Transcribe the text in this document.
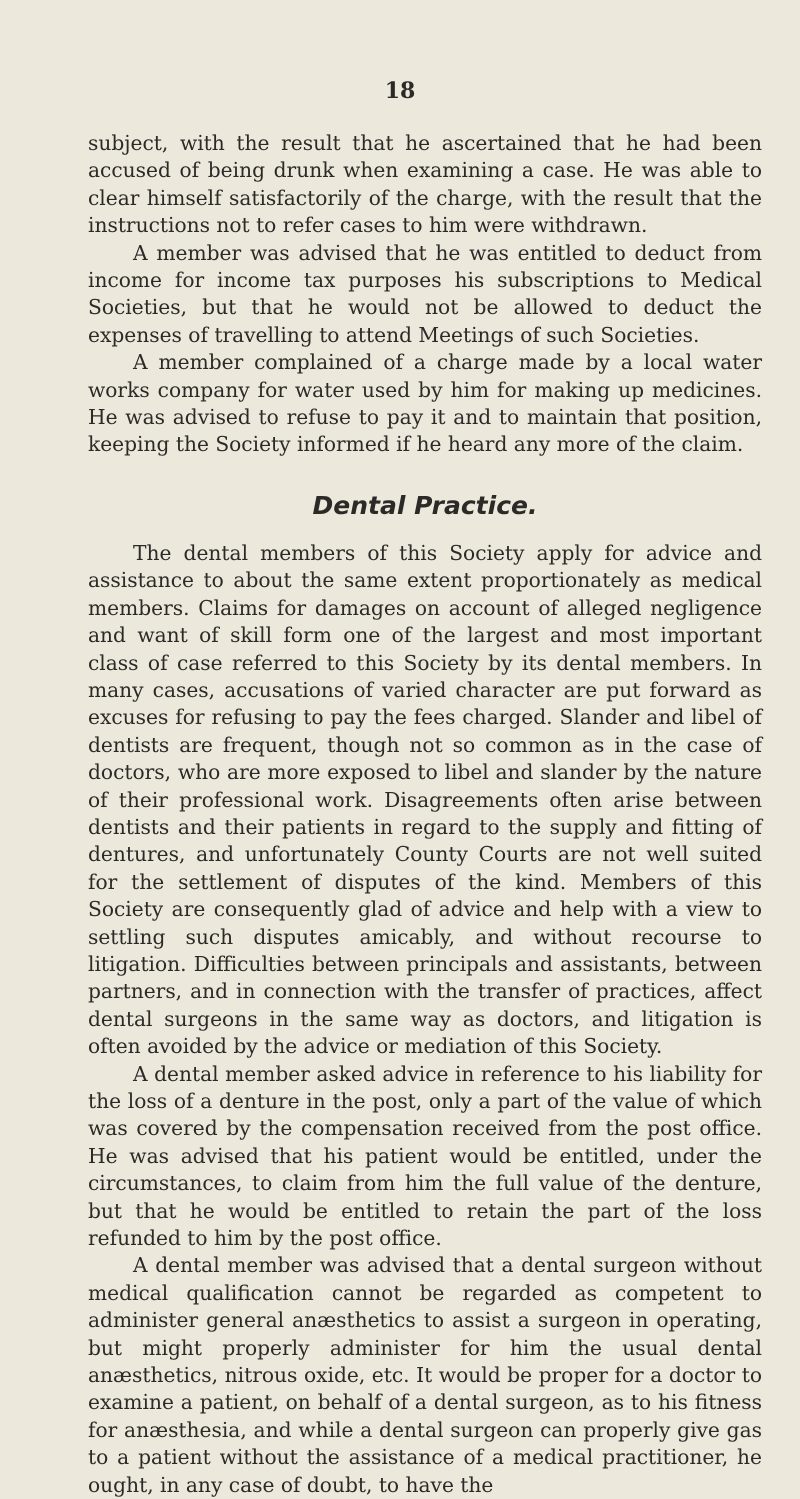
18

subject, with the result that he ascertained that he had been accused of being drunk when examining a case. He was able to clear himself satisfactorily of the charge, with the result that the instructions not to refer cases to him were withdrawn.

A member was advised that he was entitled to deduct from income for income tax purposes his subscriptions to Medical Societies, but that he would not be allowed to deduct the expenses of travelling to attend Meetings of such Societies.

A member complained of a charge made by a local water works company for water used by him for making up medicines. He was advised to refuse to pay it and to maintain that position, keeping the Society informed if he heard any more of the claim.

Dental Practice.

The dental members of this Society apply for advice and assistance to about the same extent proportionately as medical members. Claims for damages on account of alleged negligence and want of skill form one of the largest and most important class of case referred to this Society by its dental members. In many cases, accusations of varied character are put forward as excuses for refusing to pay the fees charged. Slander and libel of dentists are frequent, though not so common as in the case of doctors, who are more exposed to libel and slander by the nature of their professional work. Disagreements often arise between dentists and their patients in regard to the supply and fitting of dentures, and unfortunately County Courts are not well suited for the settlement of disputes of the kind. Members of this Society are consequently glad of advice and help with a view to settling such disputes amicably, and without recourse to litigation. Difficulties between principals and assistants, between partners, and in connection with the transfer of practices, affect dental surgeons in the same way as doctors, and litigation is often avoided by the advice or mediation of this Society.

A dental member asked advice in reference to his liability for the loss of a denture in the post, only a part of the value of which was covered by the compensation received from the post office. He was advised that his patient would be entitled, under the circumstances, to claim from him the full value of the denture, but that he would be entitled to retain the part of the loss refunded to him by the post office.

A dental member was advised that a dental surgeon without medical qualification cannot be regarded as competent to administer general anæsthetics to assist a surgeon in operating, but might properly administer for him the usual dental anæsthetics, nitrous oxide, etc. It would be proper for a doctor to examine a patient, on behalf of a dental surgeon, as to his fitness for anæsthesia, and while a dental surgeon can properly give gas to a patient without the assistance of a medical practitioner, he ought, in any case of doubt, to have the
